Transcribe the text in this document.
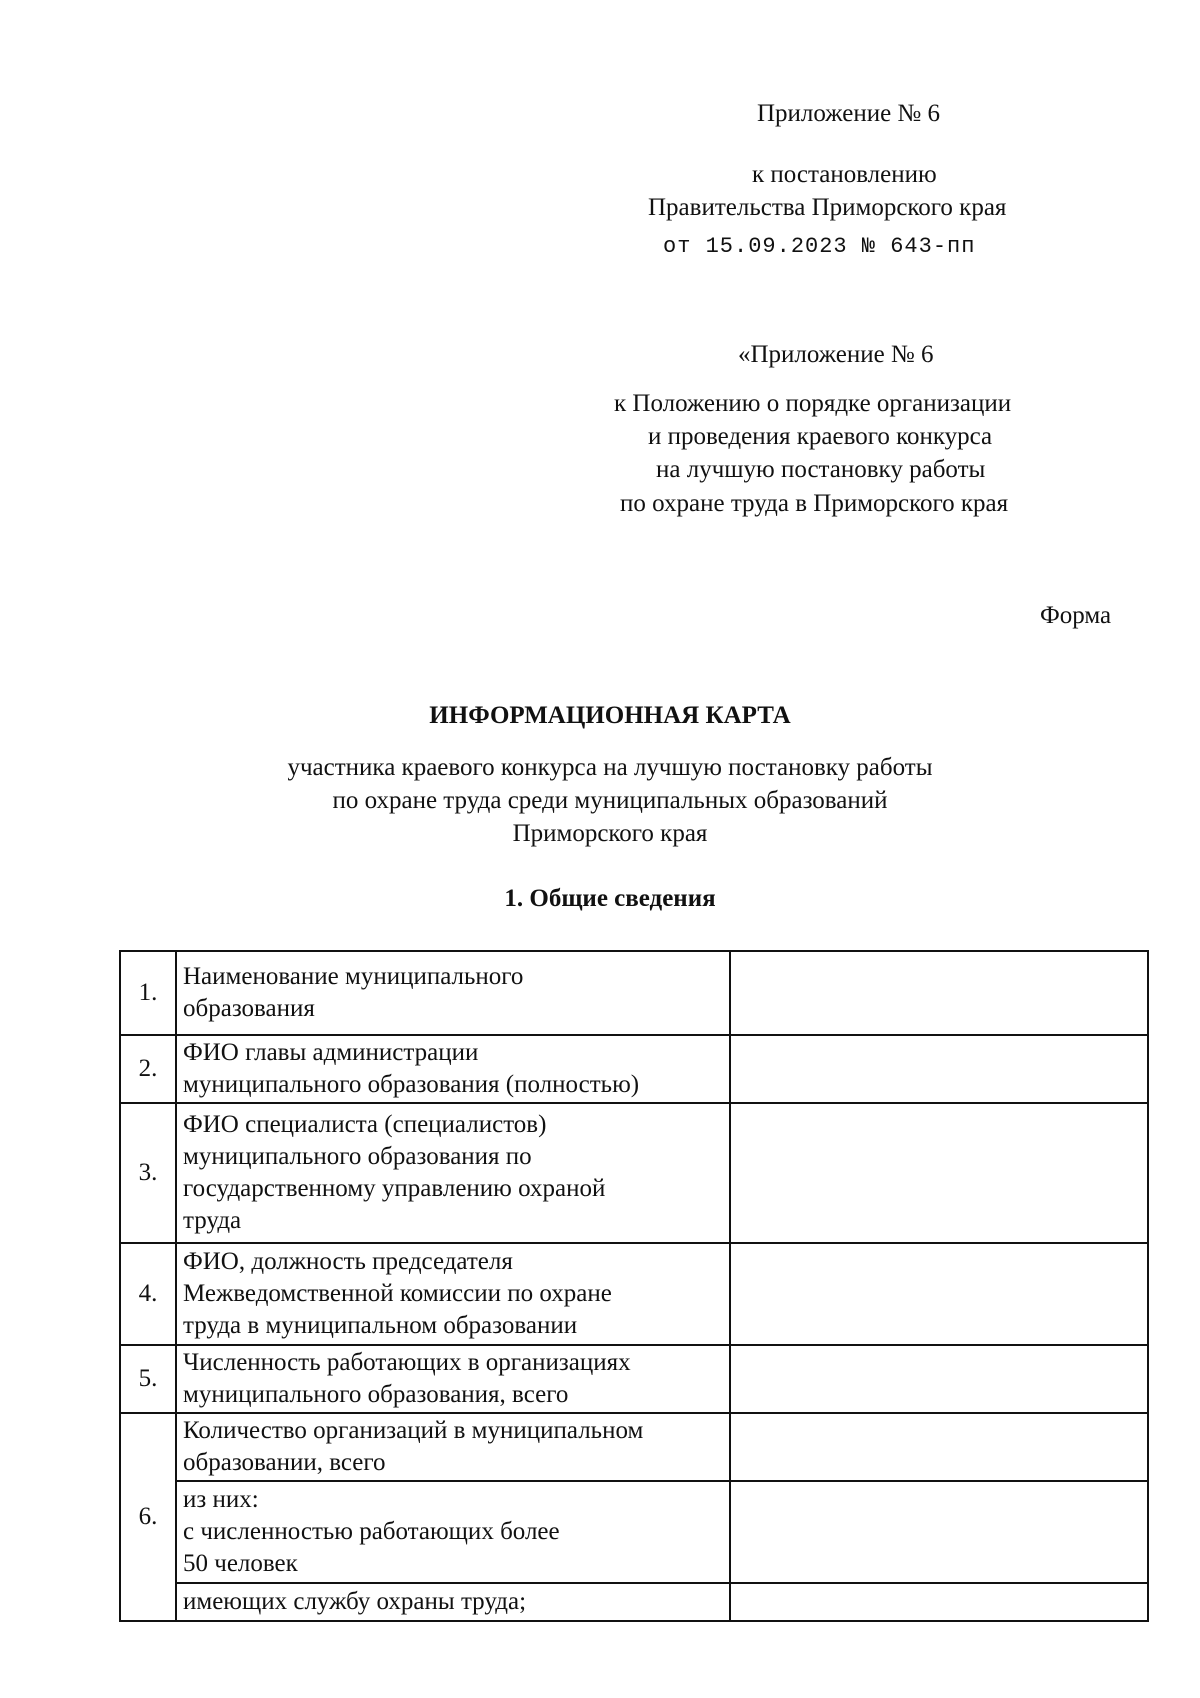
Приложение № 6
к постановлению
Правительства Приморского края
от 15.09.2023 № 643-пп
«Приложение № 6
к Положению о порядке организации
и проведения краевого конкурса
на лучшую постановку работы
по охране труда в Приморского края
Форма
ИНФОРМАЦИОННАЯ КАРТА
участника краевого конкурса на лучшую постановку работы
по охране труда среди муниципальных образований
Приморского края
1. Общие сведения
1.	Наименование муниципального
образования	

2.	ФИО главы администрации
муниципального образования (полностью)	

3.	ФИО специалиста (специалистов)
муниципального образования по
государственному управлению охраной
труда	

4.	ФИО, должность председателя
Межведомственной комиссии по охране
труда в муниципальном образовании	

5.	Численность работающих в организациях
муниципального образования, всего	

6.	Количество организаций в муниципальном
образовании, всего	

	из них:
с численностью работающих более
50 человек	

	имеющих службу охраны труда;	
